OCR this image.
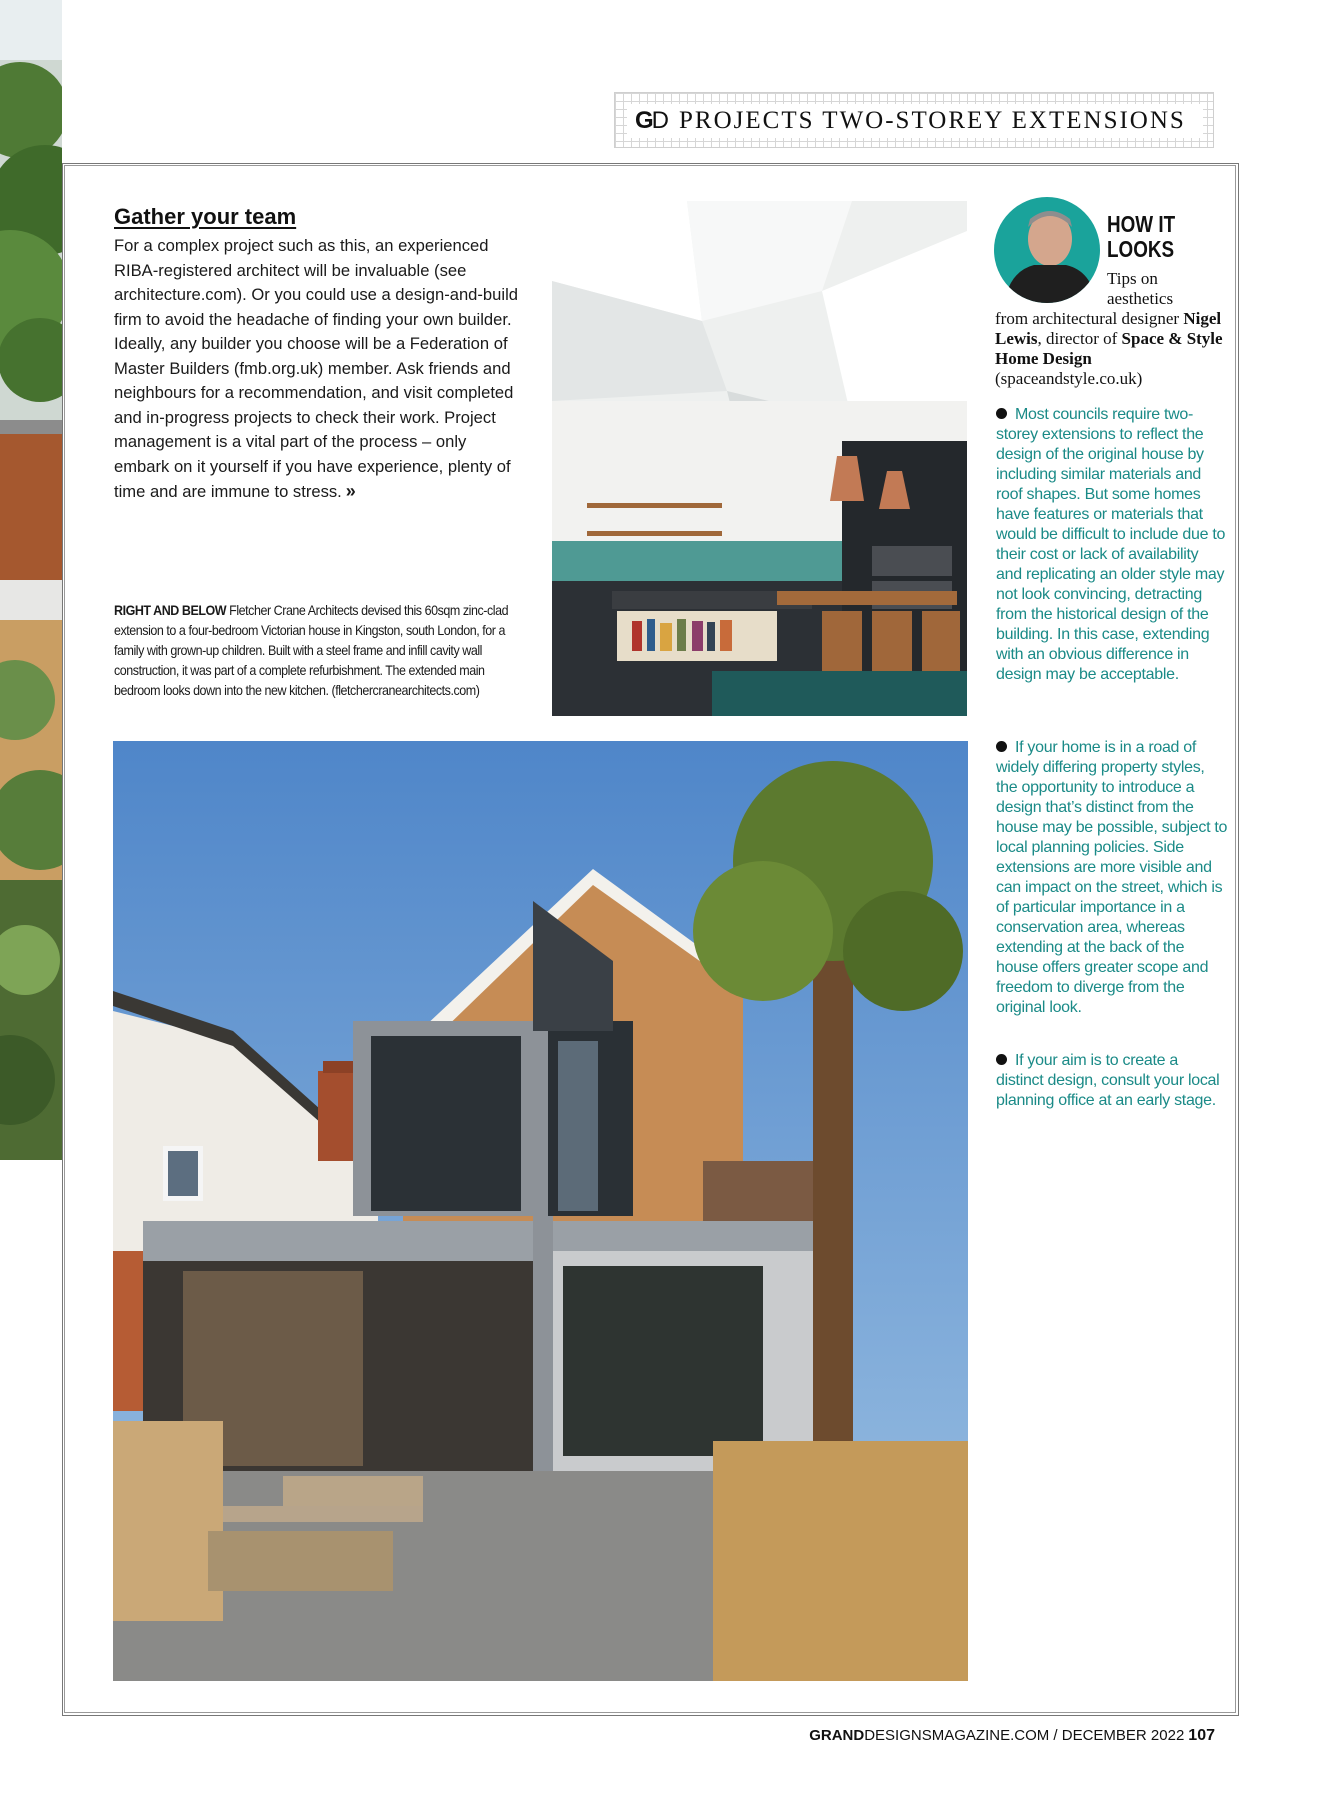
GD PROJECTS TWO-STOREY EXTENSIONS
Gather your team

For a complex project such as this, an experienced RIBA-registered architect will be invaluable (see architecture.com). Or you could use a design-and-build firm to avoid the headache of finding your own builder. Ideally, any builder you choose will be a Federation of Master Builders (fmb.org.uk) member. Ask friends and neighbours for a recommendation, and visit completed and in-progress projects to check their work. Project management is a vital part of the process – only embark on it yourself if you have experience, plenty of time and are immune to stress. »

RIGHT AND BELOW Fletcher Crane Architects devised this 60sqm zinc-clad extension to a four-bedroom Victorian house in Kingston, south London, for a family with grown-up children. Built with a steel frame and infill cavity wall construction, it was part of a complete refurbishment. The extended main bedroom looks down into the new kitchen. (fletchercranearchitects.com)

HOW IT
LOOKS
Tips on aesthetics

from architectural designer Nigel Lewis, director of Space & Style Home Design (spaceandstyle.co.uk)

Most councils require two-storey extensions to reflect the design of the original house by including similar materials and roof shapes. But some homes have features or materials that would be difficult to include due to their cost or lack of availability and replicating an older style may not look convincing, detracting from the historical design of the building. In this case, extending with an obvious difference in design may be acceptable.

If your home is in a road of widely differing property styles, the opportunity to introduce a design that’s distinct from the house may be possible, subject to local planning policies. Side extensions are more visible and can impact on the street, which is of particular importance in a conservation area, whereas extending at the back of the house offers greater scope and freedom to diverge from the original look.

If your aim is to create a distinct design, consult your local planning office at an early stage.

GRAND DESIGNSMAGAZINE.COM / DECEMBER 2022 107
